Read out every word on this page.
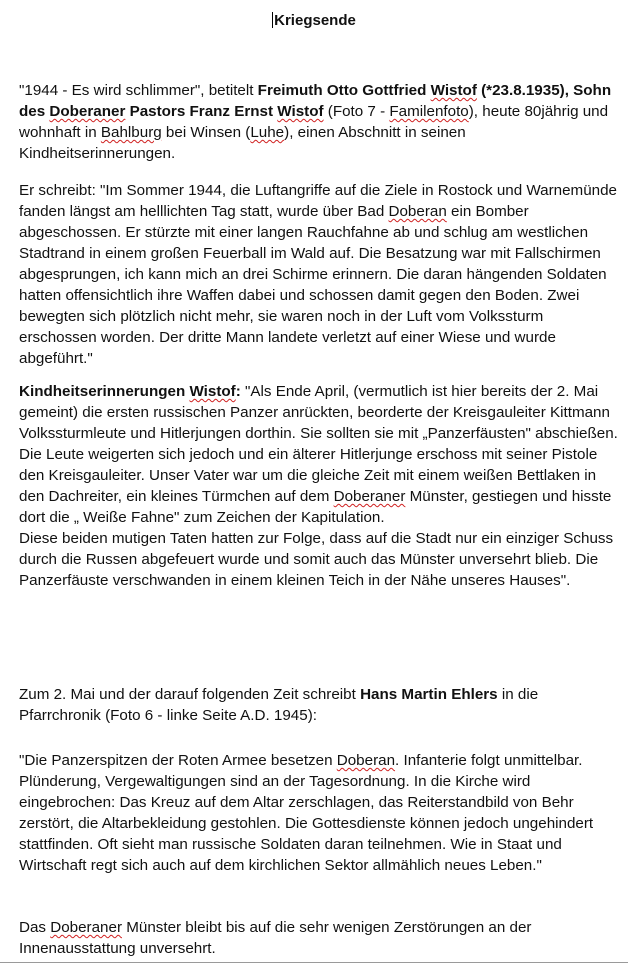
Kriegsende

"1944 - Es wird schlimmer", betitelt Freimuth Otto Gottfried Wistof (*23.8.1935), Sohn des Doberaner Pastors Franz Ernst Wistof (Foto 7 - Familenfoto), heute 80jährig und wohnhaft in Bahlburg bei Winsen (Luhe), einen Abschnitt in seinen Kindheitserinnerungen.

Er schreibt: "Im Sommer 1944, die Luftangriffe auf die Ziele in Rostock und Warnemünde fanden längst am helllichten Tag statt, wurde über Bad Doberan ein Bomber abgeschossen. Er stürzte mit einer langen Rauchfahne ab und schlug am westlichen Stadtrand in einem großen Feuerball im Wald auf. Die Besatzung war mit Fallschirmen abgesprungen, ich kann mich an drei Schirme erinnern. Die daran hängenden Soldaten hatten offensichtlich ihre Waffen dabei und schossen damit gegen den Boden. Zwei bewegten sich plötzlich nicht mehr, sie waren noch in der Luft vom Volkssturm erschossen worden. Der dritte Mann landete verletzt auf einer Wiese und wurde abgeführt."

Kindheitserinnerungen Wistof: "Als Ende April, (vermutlich ist hier bereits der 2. Mai gemeint) die ersten russischen Panzer anrückten, beorderte der Kreisgauleiter Kittmann Volkssturmleute und Hitlerjungen dorthin. Sie sollten sie mit „Panzerfäusten" abschießen. Die Leute weigerten sich jedoch und ein älterer Hitlerjunge erschoss mit seiner Pistole den Kreisgauleiter. Unser Vater war um die gleiche Zeit mit einem weißen Bettlaken in den Dachreiter, ein kleines Türmchen auf dem Doberaner Münster, gestiegen und hisste dort die „ Weiße Fahne" zum Zeichen der Kapitulation.
Diese beiden mutigen Taten hatten zur Folge, dass auf die Stadt nur ein einziger Schuss durch die Russen abgefeuert wurde und somit auch das Münster unversehrt blieb. Die Panzerfäuste verschwanden in einem kleinen Teich in der Nähe unseres Hauses".

Zum 2. Mai und der darauf folgenden Zeit schreibt Hans Martin Ehlers in die Pfarrchronik (Foto 6 - linke Seite A.D. 1945):

"Die Panzerspitzen der Roten Armee besetzen Doberan. Infanterie folgt unmittelbar. Plünderung, Vergewaltigungen sind an der Tagesordnung. In die Kirche wird eingebrochen: Das Kreuz auf dem Altar zerschlagen, das Reiterstandbild von Behr zerstört, die Altarbekleidung gestohlen. Die Gottesdienste können jedoch ungehindert stattfinden. Oft sieht man russische Soldaten daran teilnehmen. Wie in Staat und Wirtschaft regt sich auch auf dem kirchlichen Sektor allmählich neues Leben."

Das Doberaner Münster bleibt bis auf die sehr wenigen Zerstörungen an der Innenausstattung unversehrt.
